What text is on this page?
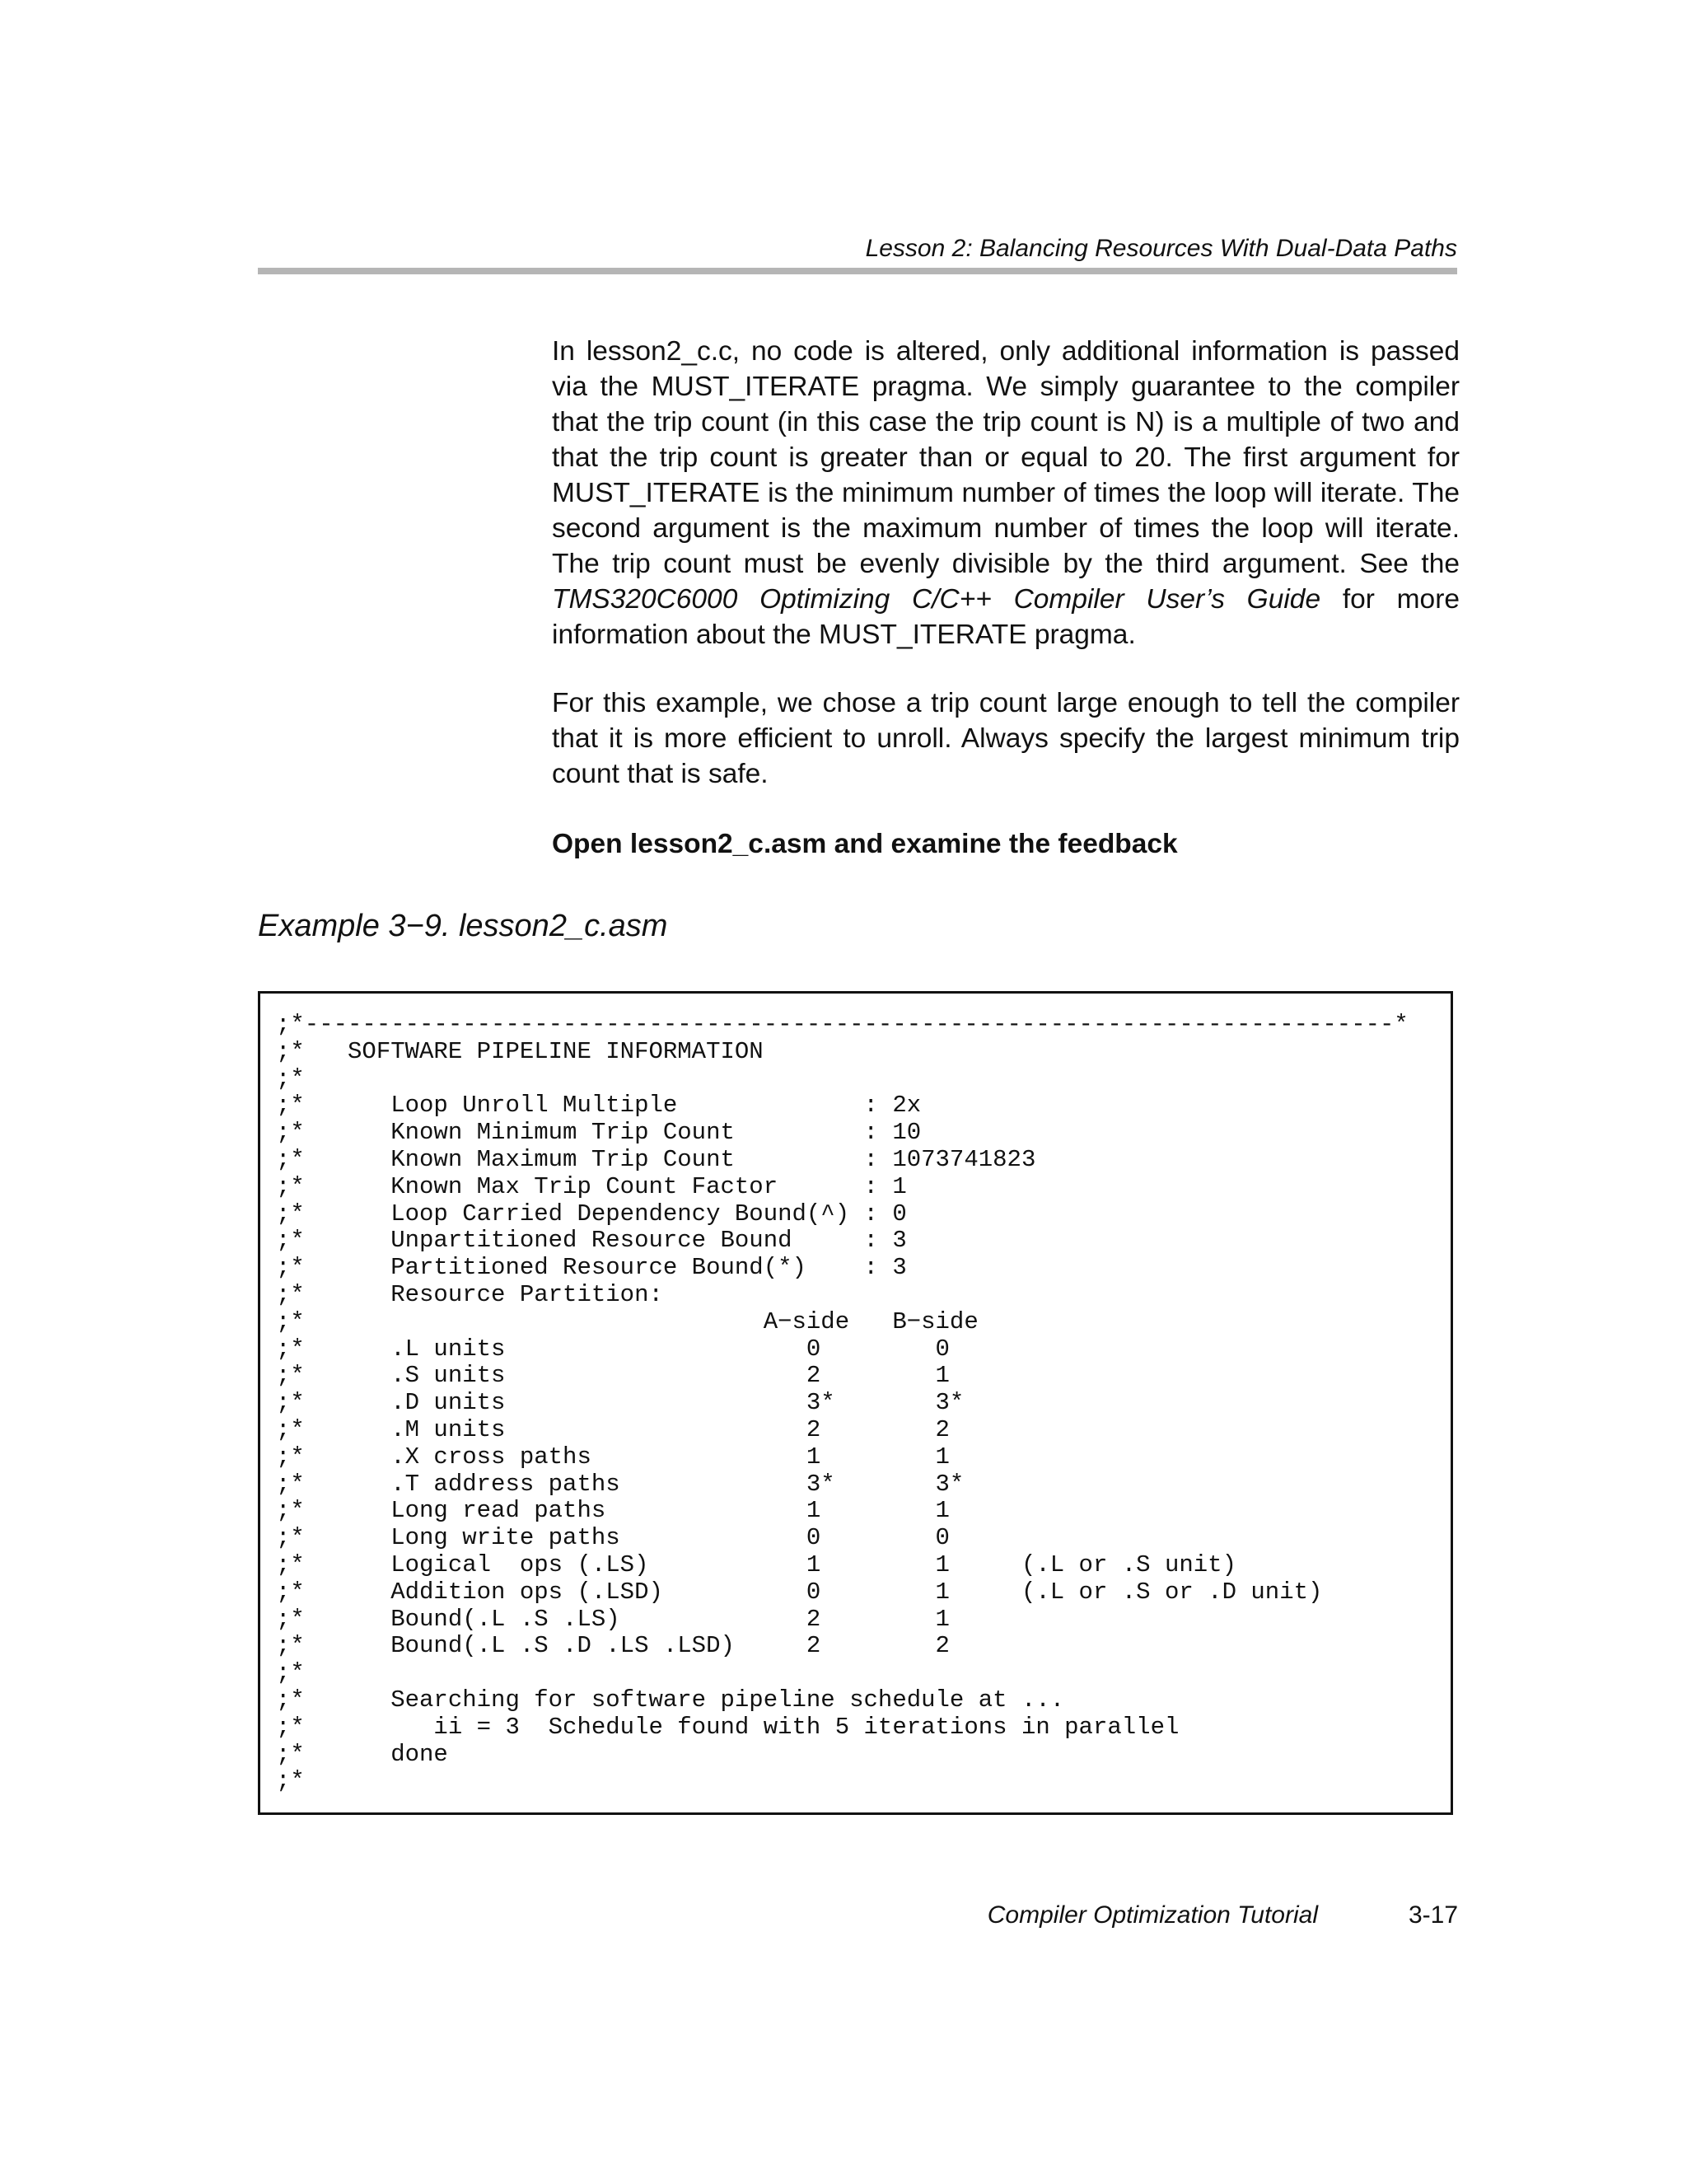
Lesson 2: Balancing Resources With Dual-Data Paths

In lesson2_c.c, no code is altered, only additional information is passed via the MUST_ITERATE pragma. We simply guarantee to the compiler that the trip count (in this case the trip count is N) is a multiple of two and that the trip count is greater than or equal to 20. The first argument for MUST_ITERATE is the minimum number of times the loop will iterate. The second argument is the maximum number of times the loop will iterate. The trip count must be evenly divisible by the third argument. See the TMS320C6000 Optimizing C/C++ Compiler User’s Guide for more information about the MUST_ITERATE pragma.

For this example, we chose a trip count large enough to tell the compiler that it is more efficient to unroll. Always specify the largest minimum trip count that is safe.

Open lesson2_c.asm and examine the feedback
Example 3−9. lesson2_c.asm
;*----------------------------------------------------------------------------*
;*   SOFTWARE PIPELINE INFORMATION
;*
;*      Loop Unroll Multiple             : 2x
;*      Known Minimum Trip Count         : 10
;*      Known Maximum Trip Count         : 1073741823
;*      Known Max Trip Count Factor      : 1
;*      Loop Carried Dependency Bound(^) : 0
;*      Unpartitioned Resource Bound     : 3
;*      Partitioned Resource Bound(*)    : 3
;*      Resource Partition:
;*                                A−side   B−side
;*      .L units                     0        0
;*      .S units                     2        1
;*      .D units                     3*       3*
;*      .M units                     2        2
;*      .X cross paths               1        1
;*      .T address paths             3*       3*
;*      Long read paths              1        1
;*      Long write paths             0        0
;*      Logical  ops (.LS)           1        1     (.L or .S unit)
;*      Addition ops (.LSD)          0        1     (.L or .S or .D unit)
;*      Bound(.L .S .LS)             2        1
;*      Bound(.L .S .D .LS .LSD)     2        2
;*
;*      Searching for software pipeline schedule at ...
;*         ii = 3  Schedule found with 5 iterations in parallel
;*      done
;*
Compiler Optimization Tutorial	3-17
